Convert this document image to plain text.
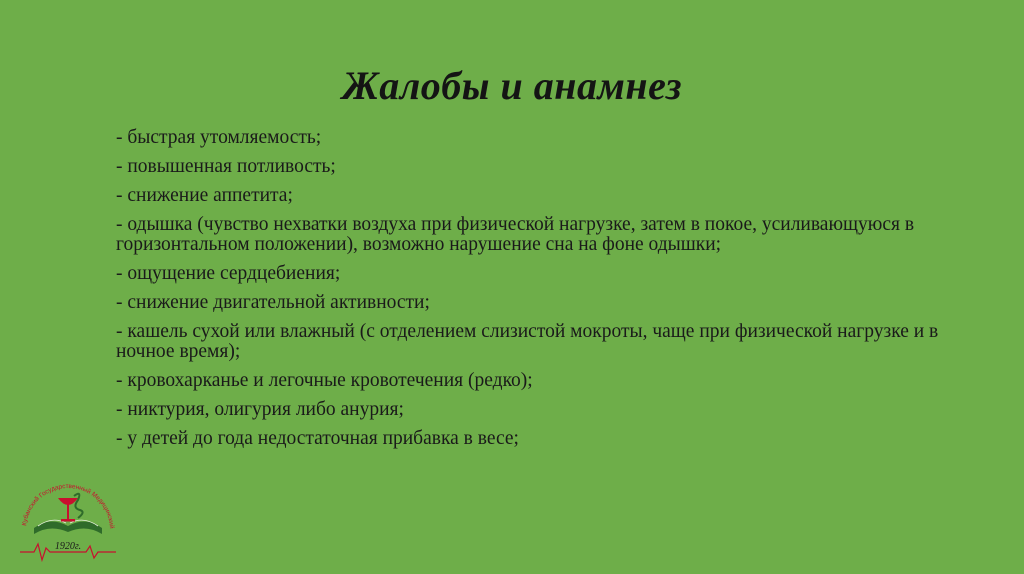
Жалобы и анамнез
- быстрая утомляемость;
- повышенная потливость;
- снижение аппетита;
- одышка (чувство нехватки воздуха при физической нагрузке, затем в покое, усиливающуюся в горизонтальном положении), возможно нарушение сна на фоне одышки;
- ощущение сердцебиения;
- снижение двигательной активности;
- кашель сухой или влажный (с отделением слизистой мокроты, чаще при физической нагрузке и в ночное время);
- кровохарканье и легочные кровотечения (редко);
- никтурия, олигурия либо анурия;
- у детей до года недостаточная прибавка в весе;
Кубанский Государственный Медицинский
1920г.
